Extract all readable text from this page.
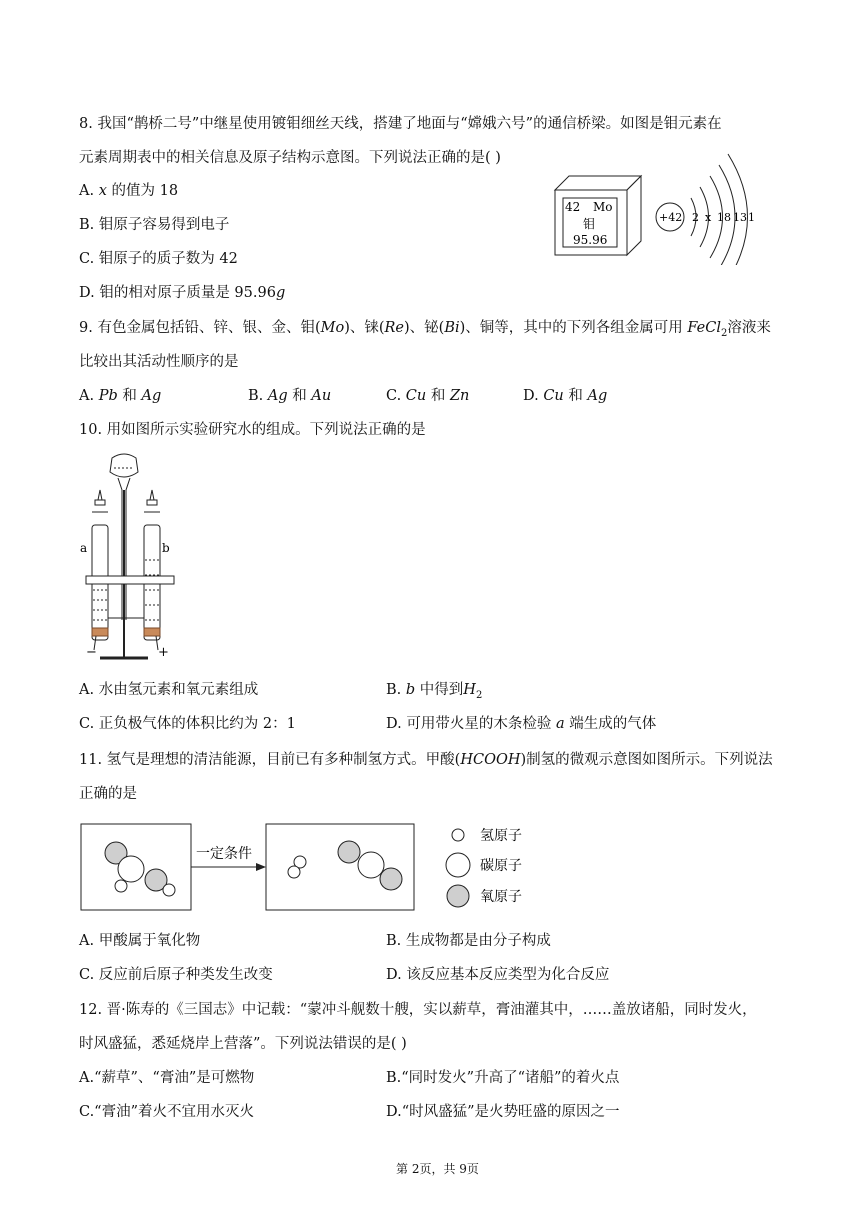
8. 我国“鹊桥二号”中继星使用镀钼细丝天线，搭建了地面与“嫦娥六号”的通信桥梁。如图是钼元素在
元素周期表中的相关信息及原子结构示意图。下列说法正确的是( )
A. x 的值为 18
B. 钼原子容易得到电子
C. 钼原子的质子数为 42
D. 钼的相对原子质量是 95.96g
42 Mo
钼
95.96
+42 2 x 18 13 1
9. 有色金属包括铅、锌、银、金、钼(Mo)、铼(Re)、铋(Bi)、铜等，其中的下列各组金属可用 FeCl$_2$溶液来
比较出其活动性顺序的是
A. Pb 和 Ag	B. Ag 和 Au	C. Cu 和 Zn	D. Cu 和 Ag
10. 用如图所示实验研究水的组成。下列说法正确的是
a	b
−	+
A. 水由氢元素和氧元素组成	B. b 中得到$H_2$
C. 正负极气体的体积比约为 2：1	D. 可用带火星的木条检验 a 端生成的气体
11. 氢气是理想的清洁能源，目前已有多种制氢方式。甲酸(HCOOH)制氢的微观示意图如图所示。下列说法
正确的是
一定条件
氢原子
碳原子
氧原子
A. 甲酸属于氧化物	B. 生成物都是由分子构成
C. 反应前后原子种类发生改变	D. 该反应基本反应类型为化合反应
12. 晋·陈寿的《三国志》中记载：“蒙冲斗舰数十艘，实以薪草，膏油灌其中，……盖放诸船，同时发火，
时风盛猛，悉延烧岸上营落”。下列说法错误的是( )
A.“薪草”、“膏油”是可燃物	B.“同时发火”升高了“诸船”的着火点
C.“膏油”着火不宜用水灭火	D.“时风盛猛”是火势旺盛的原因之一
第 2页，共 9页
